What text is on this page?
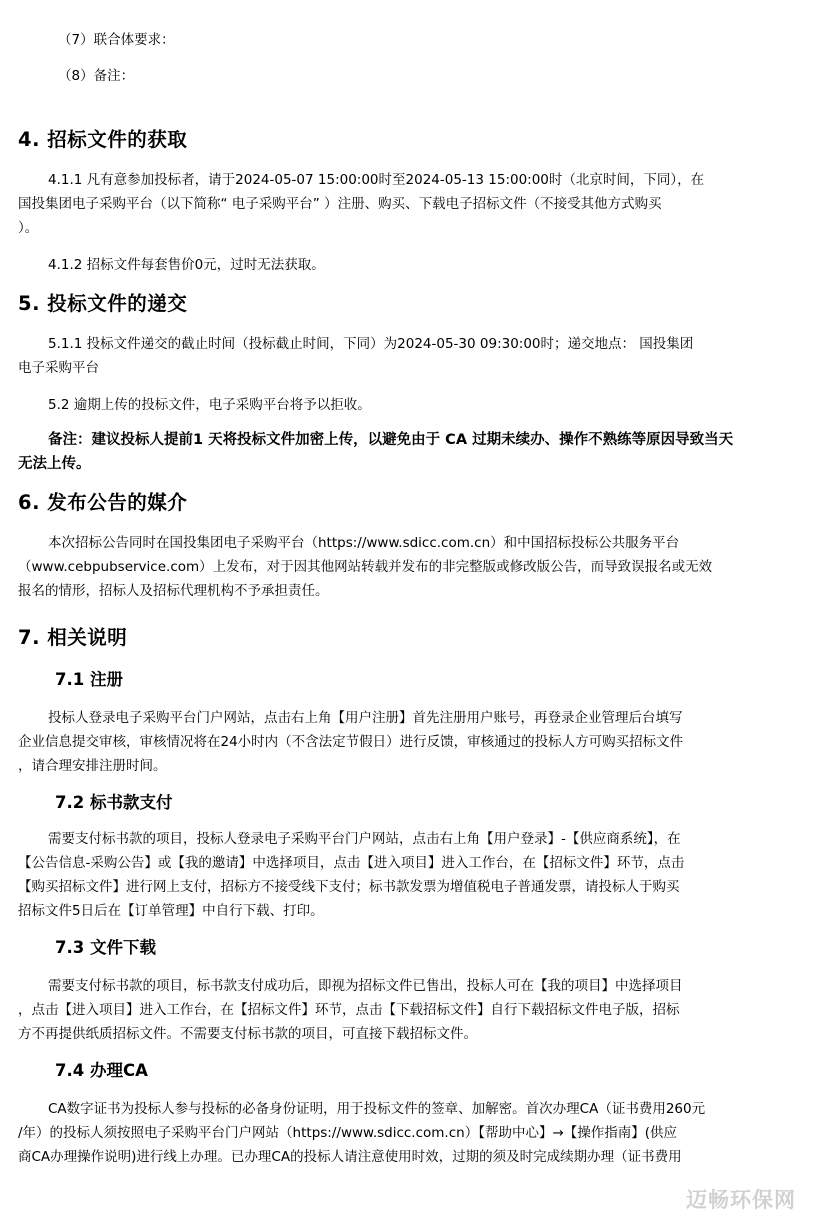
（7）联合体要求：
（8）备注：
4. 招标文件的获取
4.1.1 凡有意参加投标者，请于2024-05-07 15:00:00时至2024-05-13 15:00:00时（北京时间，下同），在
国投集团电子采购平台（以下简称“ 电子采购平台” ）注册、购买、下载电子招标文件（不接受其他方式购买
）。
4.1.2 招标文件每套售价0元，过时无法获取。
5. 投标文件的递交
5.1.1 投标文件递交的截止时间（投标截止时间，下同）为2024-05-30 09:30:00时；递交地点： 国投集团
电子采购平台
5.2 逾期上传的投标文件，电子采购平台将予以拒收。
备注：建议投标人提前1 天将投标文件加密上传，以避免由于 CA 过期未续办、操作不熟练等原因导致当天
无法上传。
6. 发布公告的媒介
本次招标公告同时在国投集团电子采购平台（https://www.sdicc.com.cn）和中国招标投标公共服务平台
（www.cebpubservice.com）上发布，对于因其他网站转载并发布的非完整版或修改版公告，而导致误报名或无效
报名的情形，招标人及招标代理机构不予承担责任。
7. 相关说明
7.1 注册
投标人登录电子采购平台门户网站，点击右上角【用户注册】首先注册用户账号，再登录企业管理后台填写
企业信息提交审核，审核情况将在24小时内（不含法定节假日）进行反馈，审核通过的投标人方可购买招标文件
，请合理安排注册时间。
7.2 标书款支付
需要支付标书款的项目，投标人登录电子采购平台门户网站，点击右上角【用户登录】-【供应商系统】，在
【公告信息-采购公告】或【我的邀请】中选择项目，点击【进入项目】进入工作台，在【招标文件】环节，点击
【购买招标文件】进行网上支付，招标方不接受线下支付；标书款发票为增值税电子普通发票，请投标人于购买
招标文件5日后在【订单管理】中自行下载、打印。
7.3 文件下载
需要支付标书款的项目，标书款支付成功后，即视为招标文件已售出，投标人可在【我的项目】中选择项目
，点击【进入项目】进入工作台，在【招标文件】环节，点击【下载招标文件】自行下载招标文件电子版，招标
方不再提供纸质招标文件。不需要支付标书款的项目，可直接下载招标文件。
7.4 办理CA
CA数字证书为投标人参与投标的必备身份证明，用于投标文件的签章、加解密。首次办理CA（证书费用260元
/年）的投标人须按照电子采购平台门户网站（https://www.sdicc.com.cn）【帮助中心】→【操作指南】(供应
商CA办理操作说明)进行线上办理。已办理CA的投标人请注意使用时效，过期的须及时完成续期办理（证书费用
迈畅环保网
